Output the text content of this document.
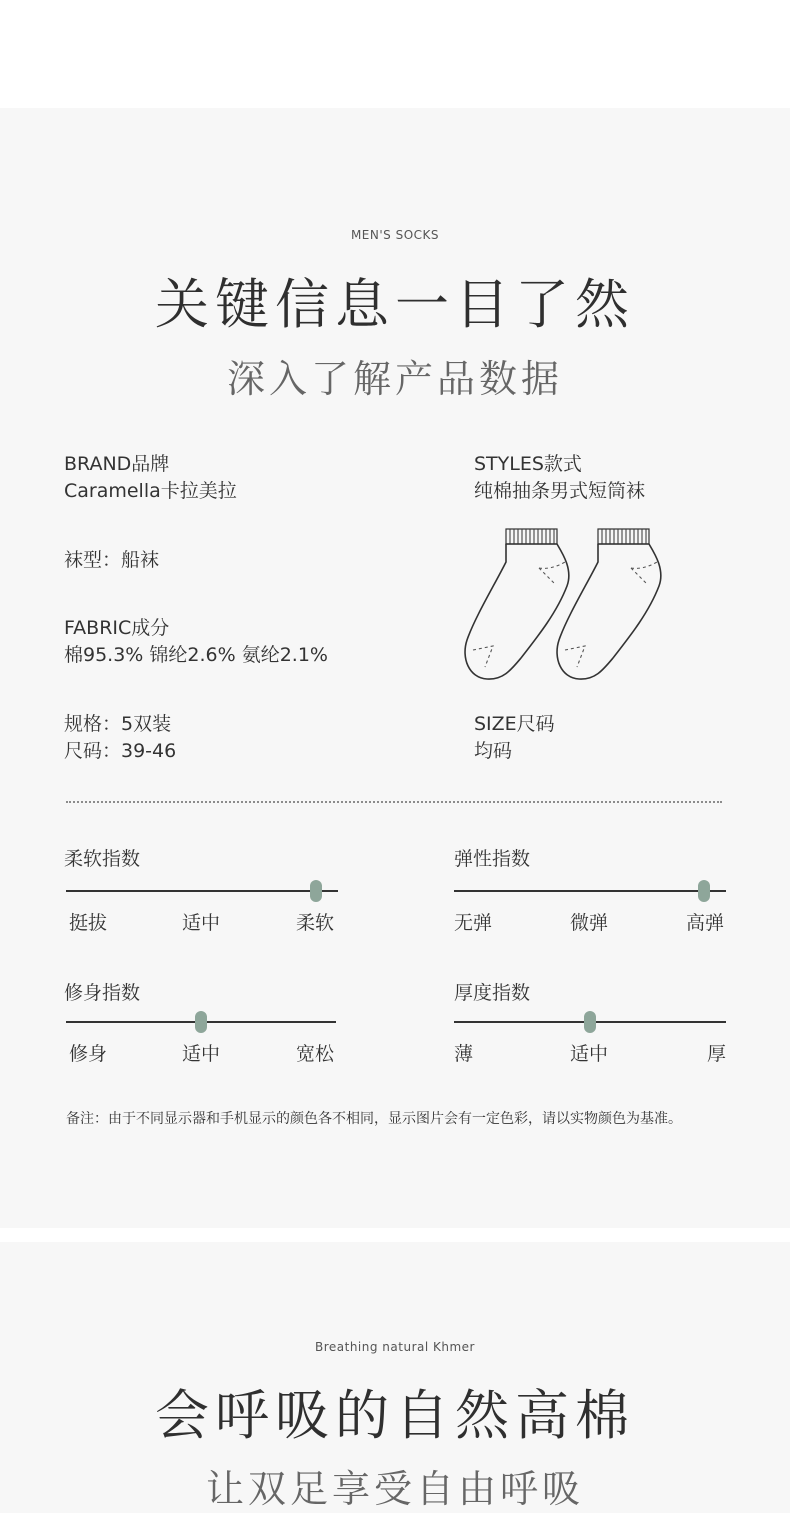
MEN'S SOCKS
关键信息一目了然
深入了解产品数据
BRAND品牌
Caramella卡拉美拉
袜型：船袜
FABRIC成分
棉95.3% 锦纶2.6% 氨纶2.1%
规格：5双装
尺码：39-46
STYLES款式
纯棉抽条男式短筒袜
SIZE尺码
均码
柔软指数
挺拔	适中	柔软
弹性指数
无弹	微弹	高弹
修身指数
修身	适中	宽松
厚度指数
薄	适中	厚
备注：由于不同显示器和手机显示的颜色各不相同，显示图片会有一定色彩，请以实物颜色为基准。
Breathing natural Khmer
会呼吸的自然高棉
让双足享受自由呼吸
